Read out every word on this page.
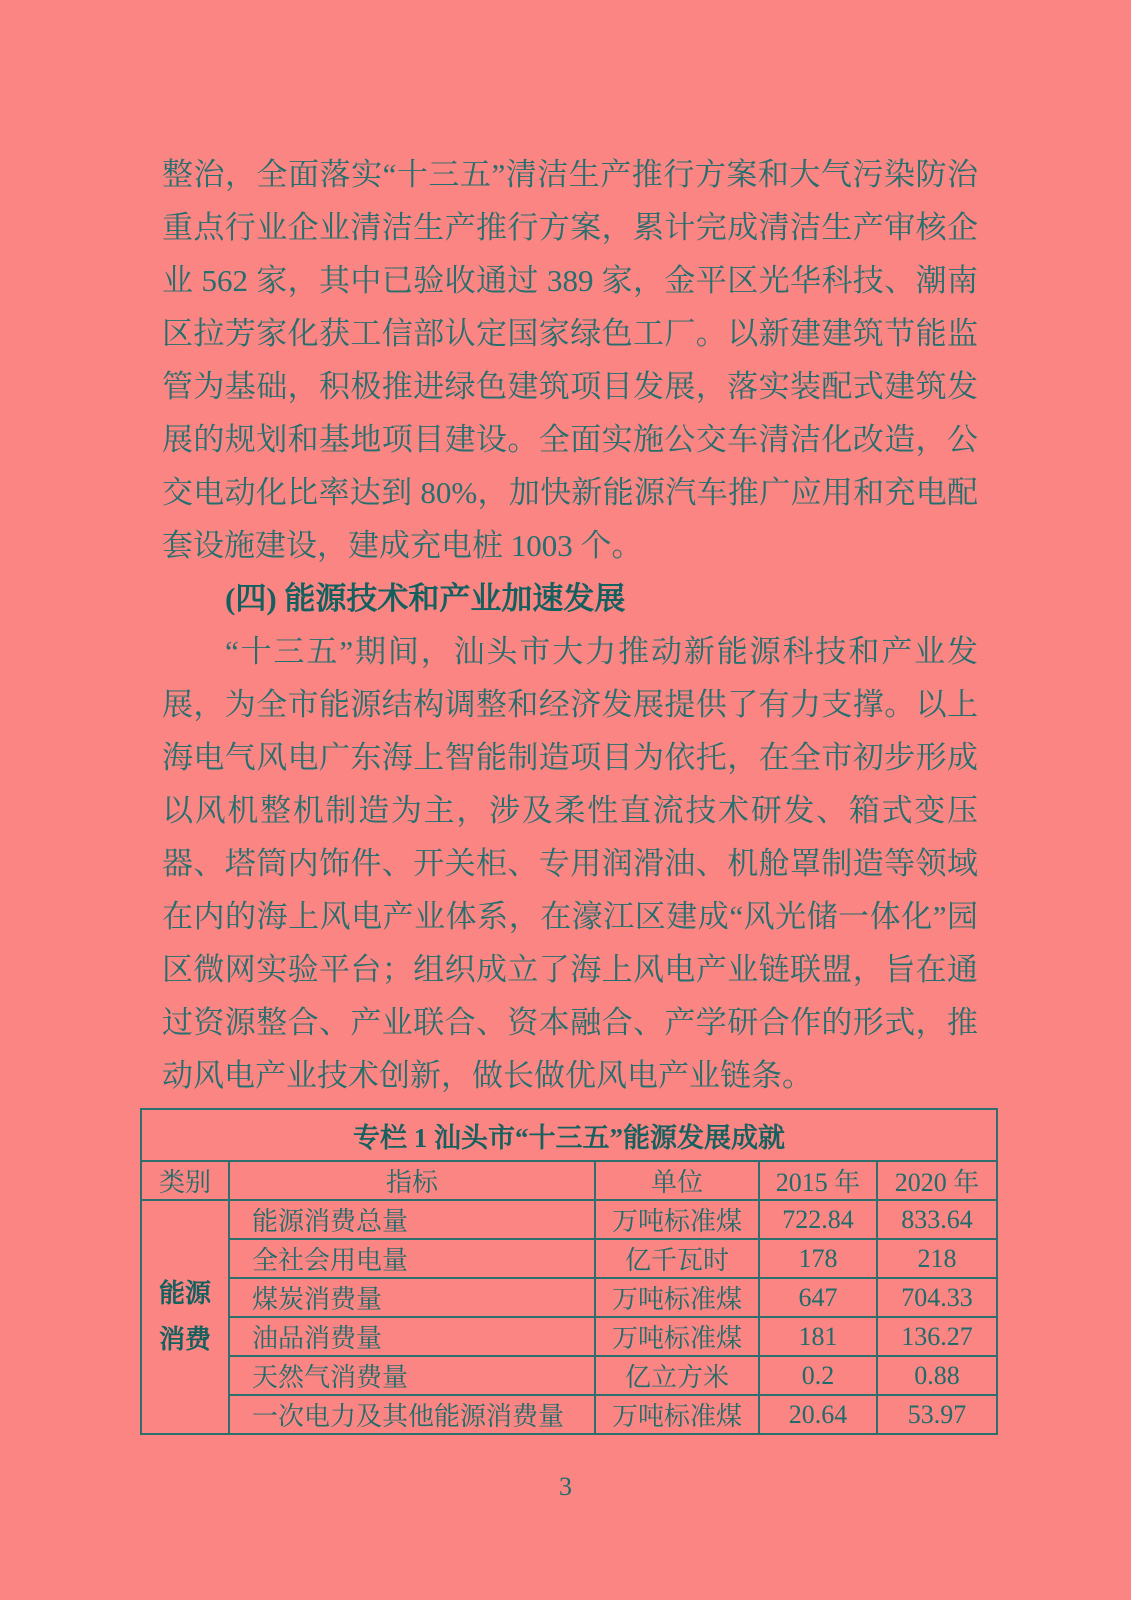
整治，全面落实“十三五”清洁生产推行方案和大气污染防治重点行业企业清洁生产推行方案，累计完成清洁生产审核企业 562 家，其中已验收通过 389 家，金平区光华科技、潮南区拉芳家化获工信部认定国家绿色工厂。以新建建筑节能监管为基础，积极推进绿色建筑项目发展，落实装配式建筑发展的规划和基地项目建设。全面实施公交车清洁化改造，公交电动化比率达到 80%，加快新能源汽车推广应用和充电配套设施建设，建成充电桩 1003 个。

(四) 能源技术和产业加速发展

“十三五”期间，汕头市大力推动新能源科技和产业发展，为全市能源结构调整和经济发展提供了有力支撑。以上海电气风电广东海上智能制造项目为依托，在全市初步形成以风机整机制造为主，涉及柔性直流技术研发、箱式变压器、塔筒内饰件、开关柜、专用润滑油、机舱罩制造等领域在内的海上风电产业体系，在濠江区建成“风光储一体化”园区微网实验平台；组织成立了海上风电产业链联盟，旨在通过资源整合、产业联合、资本融合、产学研合作的形式，推动风电产业技术创新，做长做优风电产业链条。

专栏 1 汕头市“十三五”能源发展成就				
类别	指标	单位	2015 年	2020 年
能源消费	能源消费总量	万吨标准煤	722.84	833.64
	全社会用电量	亿千瓦时	178	218
	煤炭消费量	万吨标准煤	647	704.33
	油品消费量	万吨标准煤	181	136.27
	天然气消费量	亿立方米	0.2	0.88
	一次电力及其他能源消费量	万吨标准煤	20.64	53.97
3
